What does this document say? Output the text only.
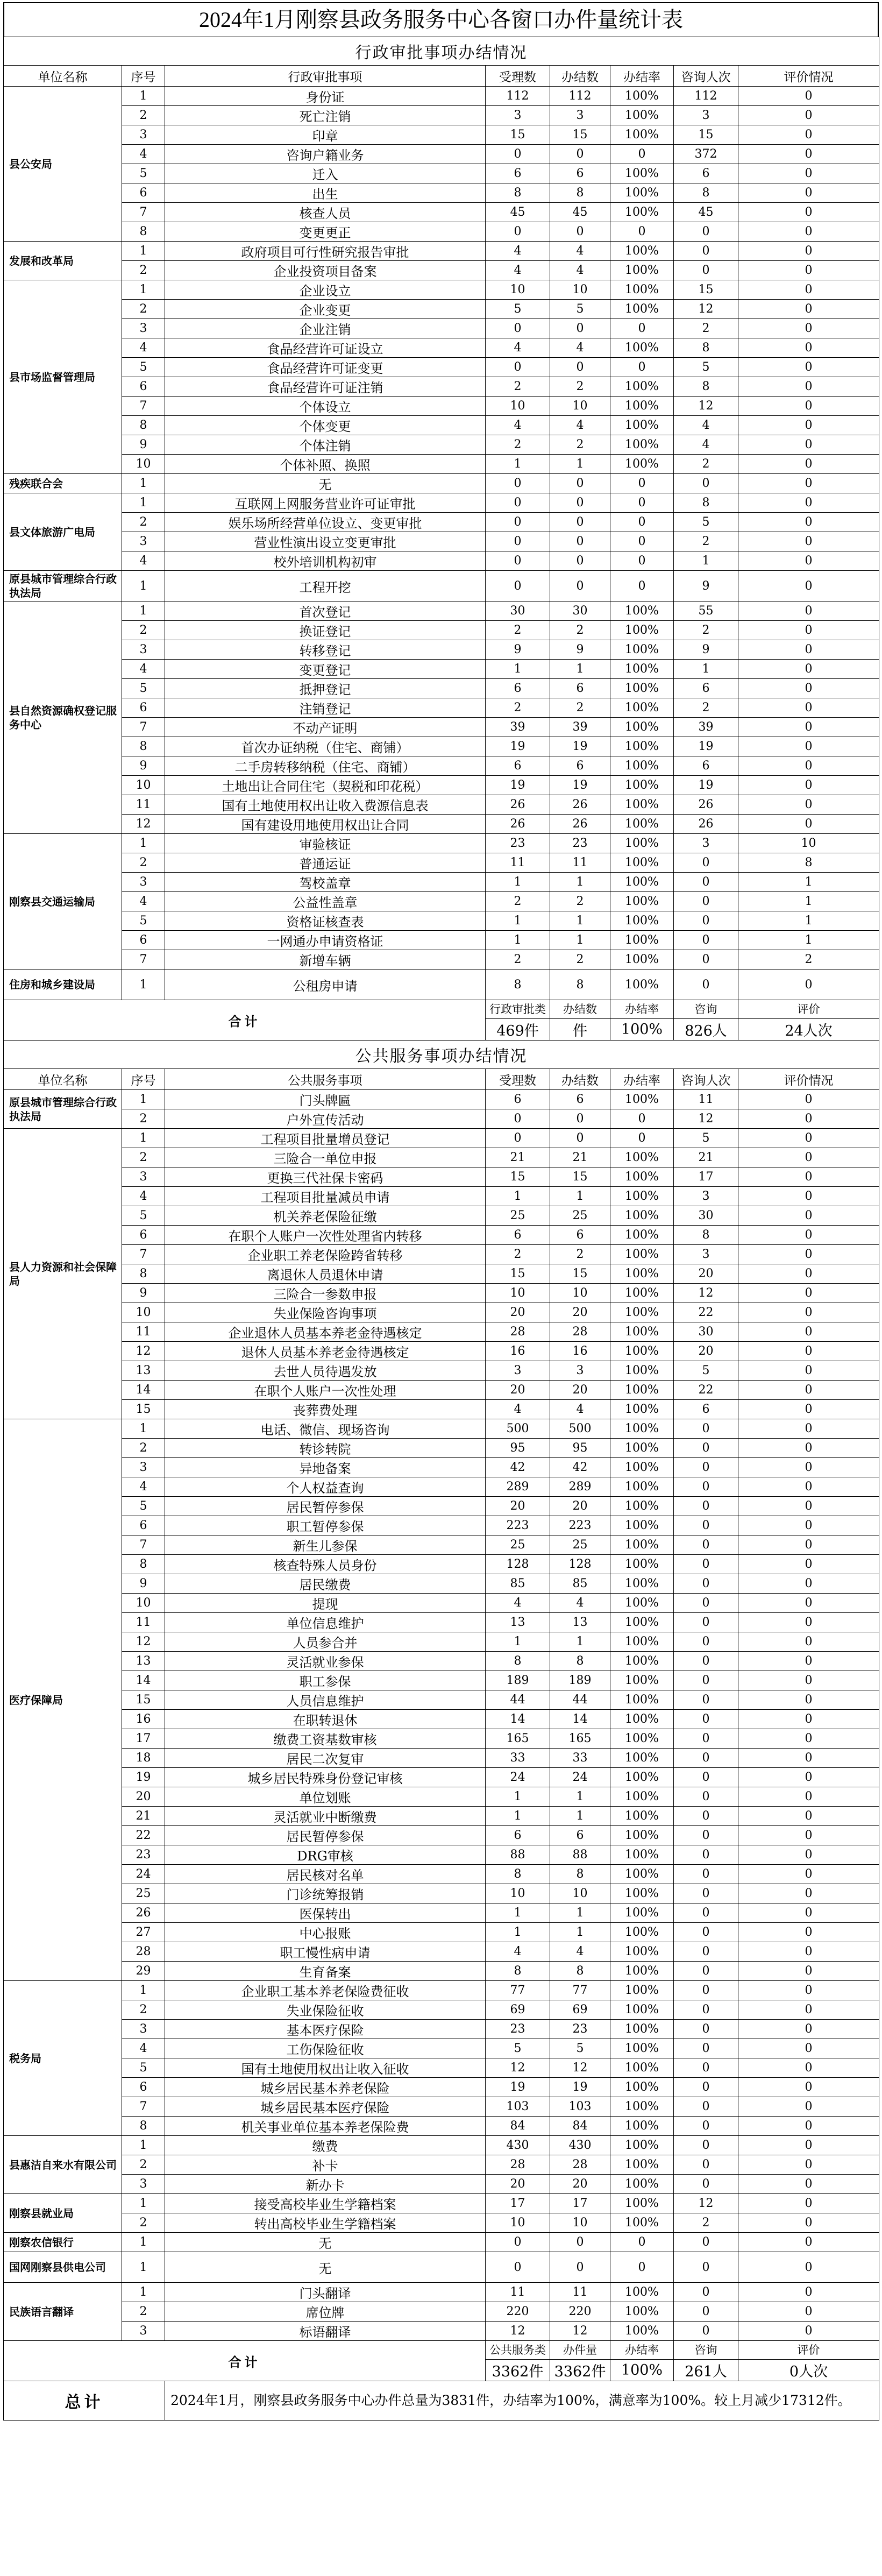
2024年1月刚察县政务服务中心各窗口办件量统计表
行政审批事项办结情况							
单位名称	序号	行政审批事项	受理数	办结数	办结率	咨询人次	评价情况
县公安局	1	身份证	112	112	100%	112	0
	2	死亡注销	3	3	100%	3	0
	3	印章	15	15	100%	15	0
	4	咨询户籍业务	0	0	0	372	0
	5	迁入	6	6	100%	6	0
	6	出生	8	8	100%	8	0
	7	核查人员	45	45	100%	45	0
	8	变更更正	0	0	0	0	0
发展和改革局	1	政府项目可行性研究报告审批	4	4	100%	0	0
	2	企业投资项目备案	4	4	100%	0	0
县市场监督管理局	1	企业设立	10	10	100%	15	0
	2	企业变更	5	5	100%	12	0
	3	企业注销	0	0	0	2	0
	4	食品经营许可证设立	4	4	100%	8	0
	5	食品经营许可证变更	0	0	0	5	0
	6	食品经营许可证注销	2	2	100%	8	0
	7	个体设立	10	10	100%	12	0
	8	个体变更	4	4	100%	4	0
	9	个体注销	2	2	100%	4	0
	10	个体补照、换照	1	1	100%	2	0
残疾联合会	1	无	0	0	0	0	0
县文体旅游广电局	1	互联网上网服务营业许可证审批	0	0	0	8	0
	2	娱乐场所经营单位设立、变更审批	0	0	0	5	0
	3	营业性演出设立变更审批	0	0	0	2	0
	4	校外培训机构初审	0	0	0	1	0
原县城市管理综合行政执法局	1	工程开挖	0	0	0	9	0
县自然资源确权登记服务中心	1	首次登记	30	30	100%	55	0
	2	换证登记	2	2	100%	2	0
	3	转移登记	9	9	100%	9	0
	4	变更登记	1	1	100%	1	0
	5	抵押登记	6	6	100%	6	0
	6	注销登记	2	2	100%	2	0
	7	不动产证明	39	39	100%	39	0
	8	首次办证纳税（住宅、商铺）	19	19	100%	19	0
	9	二手房转移纳税（住宅、商铺）	6	6	100%	6	0
	10	土地出让合同住宅（契税和印花税）	19	19	100%	19	0
	11	国有土地使用权出让收入费源信息表	26	26	100%	26	0
	12	国有建设用地使用权出让合同	26	26	100%	26	0
刚察县交通运输局	1	审验核证	23	23	100%	3	10
	2	普通运证	11	11	100%	0	8
	3	驾校盖章	1	1	100%	0	1
	4	公益性盖章	2	2	100%	0	1
	5	资格证核查表	1	1	100%	0	1
	6	一网通办申请资格证	1	1	100%	0	1
	7	新增车辆	2	2	100%	0	2
住房和城乡建设局	1	公租房申请	8	8	100%	0	0
合计			行政审批类	办结数	办结率	咨询	评价
			469件	件	100%	826人	24人次
公共服务事项办结情况							
单位名称	序号	公共服务事项	受理数	办结数	办结率	咨询人次	评价情况
原县城市管理综合行政执法局	1	门头牌匾	6	6	100%	11	0
	2	户外宣传活动	0	0	0	12	0
县人力资源和社会保障局	1	工程项目批量增员登记	0	0	0	5	0
	2	三险合一单位申报	21	21	100%	21	0
	3	更换三代社保卡密码	15	15	100%	17	0
	4	工程项目批量减员申请	1	1	100%	3	0
	5	机关养老保险征缴	25	25	100%	30	0
	6	在职个人账户一次性处理省内转移	6	6	100%	8	0
	7	企业职工养老保险跨省转移	2	2	100%	3	0
	8	离退休人员退休申请	15	15	100%	20	0
	9	三险合一参数申报	10	10	100%	12	0
	10	失业保险咨询事项	20	20	100%	22	0
	11	企业退休人员基本养老金待遇核定	28	28	100%	30	0
	12	退休人员基本养老金待遇核定	16	16	100%	20	0
	13	去世人员待遇发放	3	3	100%	5	0
	14	在职个人账户一次性处理	20	20	100%	22	0
	15	丧葬费处理	4	4	100%	6	0
医疗保障局	1	电话、微信、现场咨询	500	500	100%	0	0
	2	转诊转院	95	95	100%	0	0
	3	异地备案	42	42	100%	0	0
	4	个人权益查询	289	289	100%	0	0
	5	居民暂停参保	20	20	100%	0	0
	6	职工暂停参保	223	223	100%	0	0
	7	新生儿参保	25	25	100%	0	0
	8	核查特殊人员身份	128	128	100%	0	0
	9	居民缴费	85	85	100%	0	0
	10	提现	4	4	100%	0	0
	11	单位信息维护	13	13	100%	0	0
	12	人员参合并	1	1	100%	0	0
	13	灵活就业参保	8	8	100%	0	0
	14	职工参保	189	189	100%	0	0
	15	人员信息维护	44	44	100%	0	0
	16	在职转退休	14	14	100%	0	0
	17	缴费工资基数审核	165	165	100%	0	0
	18	居民二次复审	33	33	100%	0	0
	19	城乡居民特殊身份登记审核	24	24	100%	0	0
	20	单位划账	1	1	100%	0	0
	21	灵活就业中断缴费	1	1	100%	0	0
	22	居民暂停参保	6	6	100%	0	0
	23	DRG审核	88	88	100%	0	0
	24	居民核对名单	8	8	100%	0	0
	25	门诊统筹报销	10	10	100%	0	0
	26	医保转出	1	1	100%	0	0
	27	中心报账	1	1	100%	0	0
	28	职工慢性病申请	4	4	100%	0	0
	29	生育备案	8	8	100%	0	0
税务局	1	企业职工基本养老保险费征收	77	77	100%	0	0
	2	失业保险征收	69	69	100%	0	0
	3	基本医疗保险	23	23	100%	0	0
	4	工伤保险征收	5	5	100%	0	0
	5	国有土地使用权出让收入征收	12	12	100%	0	0
	6	城乡居民基本养老保险	19	19	100%	0	0
	7	城乡居民基本医疗保险	103	103	100%	0	0
	8	机关事业单位基本养老保险费	84	84	100%	0	0
县惠洁自来水有限公司	1	缴费	430	430	100%	0	0
	2	补卡	28	28	100%	0	0
	3	新办卡	20	20	100%	0	0
刚察县就业局	1	接受高校毕业生学籍档案	17	17	100%	12	0
	2	转出高校毕业生学籍档案	10	10	100%	2	0
刚察农信银行	1	无	0	0	0	0	0
国网刚察县供电公司	1	无	0	0	0	0	0
民族语言翻译	1	门头翻译	11	11	100%	0	0
	2	席位牌	220	220	100%	0	0
	3	标语翻译	12	12	100%	0	0
合计			公共服务类	办件量	办结率	咨询	评价
			3362件	3362件	100%	261人	0人次
总计		2024年1月，刚察县政务服务中心办件总量为3831件，办结率为100%，满意率为100%。较上月减少17312件。					
